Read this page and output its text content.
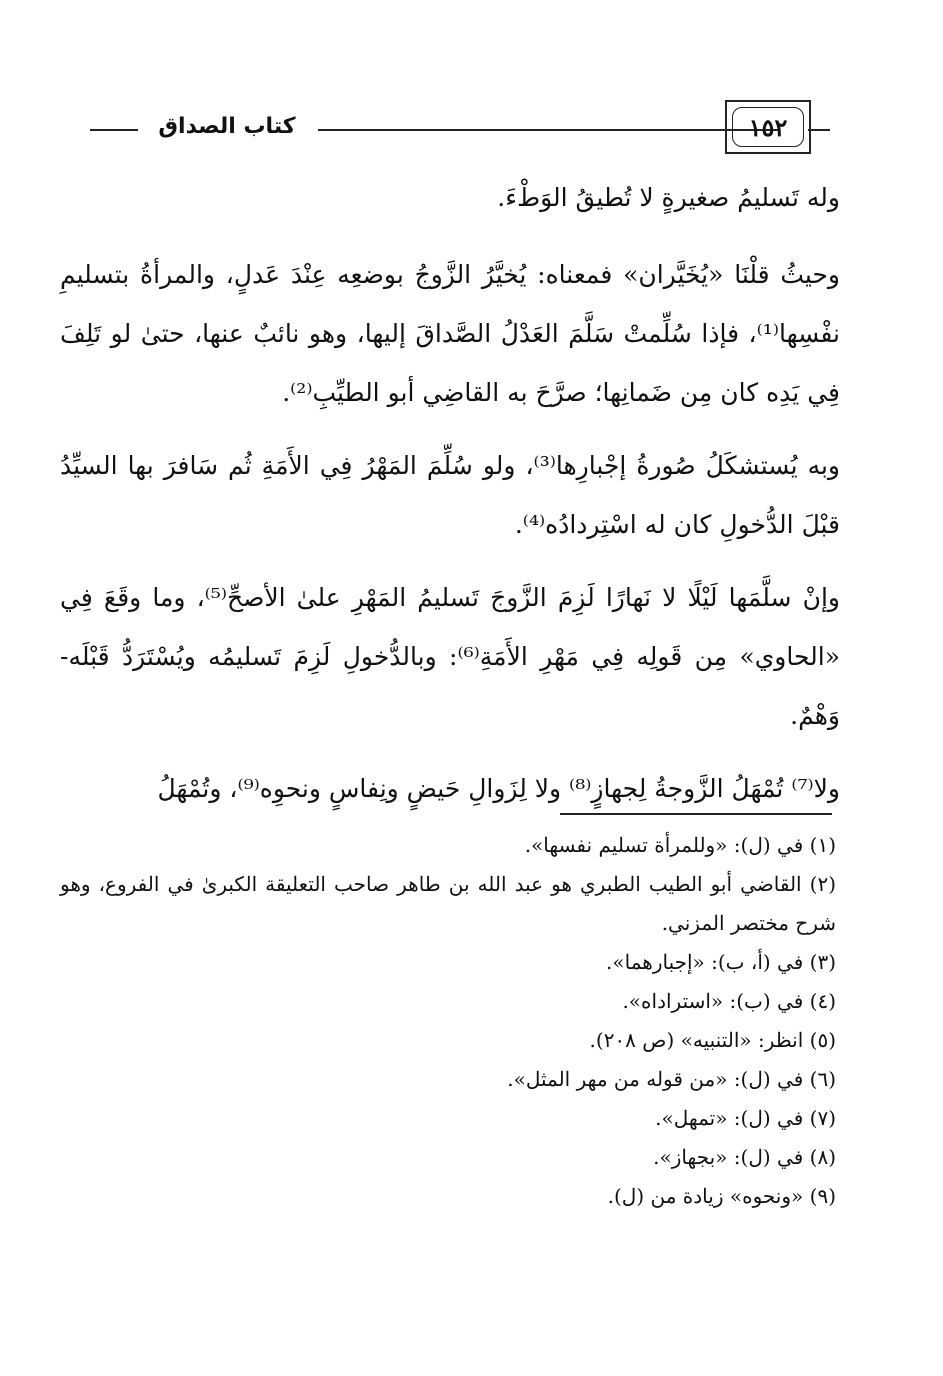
كتاب الصداق	١٥٢

وله تَسليمُ صغيرةٍ لا تُطيقُ الوَطْءَ.

وحيثُ قلْنَا «يُخَيَّران» فمعناه: يُخيَّرُ الزَّوجُ بوضعِه عِنْدَ عَدلٍ، والمرأةُ بتسليمِ نفْسِها⁽¹⁾، فإذا سُلِّمتْ سَلَّمَ العَدْلُ الصَّداقَ إليها، وهو نائبٌ عنها، حتىٰ لو تَلِفَ فِي يَدِه كان مِن ضَمانِها؛ صرَّحَ به القاضِي أبو الطيِّبِ⁽²⁾.

وبه يُستشكَلُ صُورةُ إجْبارِها⁽³⁾، ولو سُلِّمَ المَهْرُ فِي الأَمَةِ ثُم سَافرَ بها السيِّدُ قبْلَ الدُّخولِ كان له اسْتِردادُه⁽⁴⁾.

وإنْ سلَّمَها لَيْلًا لا نَهارًا لَزِمَ الزَّوجَ تَسليمُ المَهْرِ علىٰ الأصحِّ⁽⁵⁾، وما وقَعَ فِي «الحاوي» مِن قَولِه فِي مَهْرِ الأَمَةِ⁽⁶⁾: وبالدُّخولِ لَزِمَ تَسليمُه ويُسْتَرَدُّ قَبْلَه- وَهْمٌ.

ولا⁽⁷⁾ تُمْهَلُ الزَّوجةُ لِجهازٍ⁽⁸⁾ ولا لِزَوالِ حَيضٍ ونِفاسٍ ونحوِه⁽⁹⁾، وتُمْهَلُ

(١) في (ل): «وللمرأة تسليم نفسها».

(٢) القاضي أبو الطيب الطبري هو عبد الله بن طاهر صاحب التعليقة الكبرىٰ في الفروع، وهو شرح مختصر المزني.

(٣) في (أ، ب): «إجبارهما».

(٤) في (ب): «استراداه».

(٥) انظر: «التنبيه» (ص ٢٠٨).

(٦) في (ل): «من قوله من مهر المثل».

(٧) في (ل): «تمهل».

(٨) في (ل): «بجهاز».

(٩) «ونحوه» زيادة من (ل).
